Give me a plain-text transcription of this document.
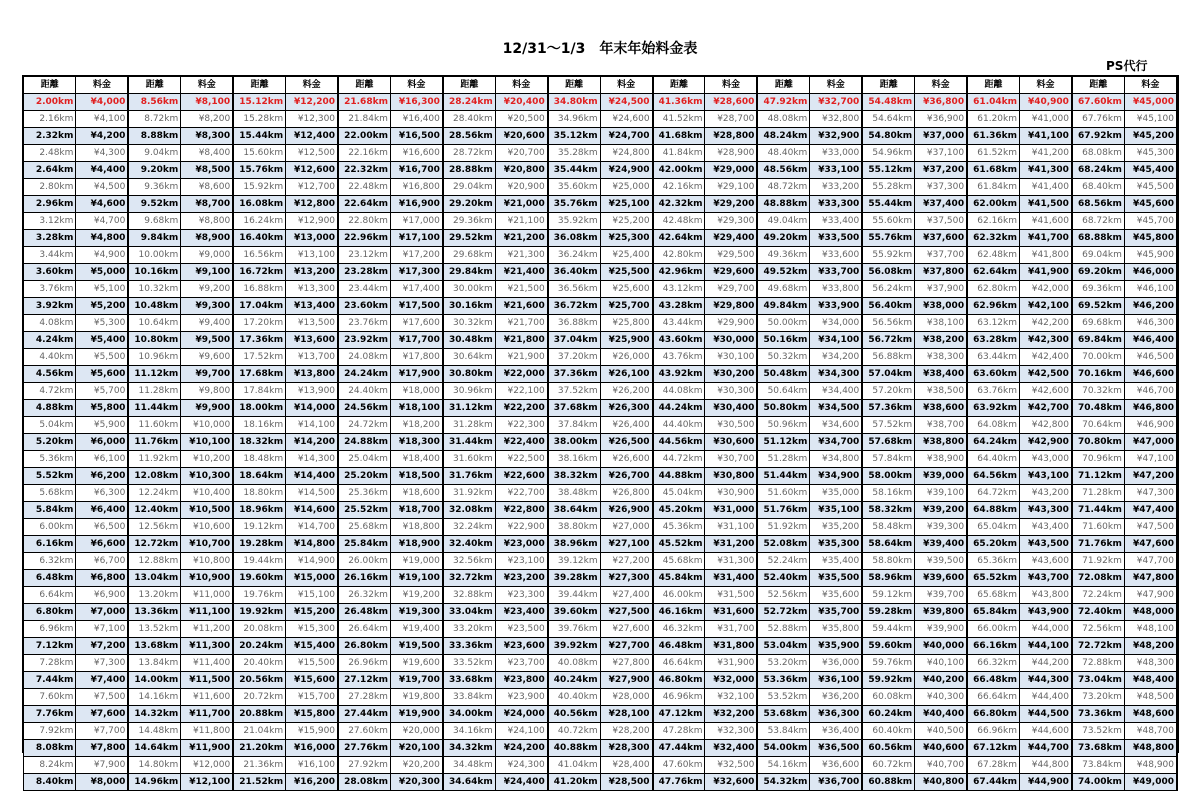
12/31〜1/3　年末年始料金表
PS代行
距離	料金	距離	料金	距離	料金	距離	料金	距離	料金	距離	料金	距離	料金	距離	料金	距離	料金	距離	料金	距離	料金
2.00km	¥4,000	8.56km	¥8,100	15.12km	¥12,200	21.68km	¥16,300	28.24km	¥20,400	34.80km	¥24,500	41.36km	¥28,600	47.92km	¥32,700	54.48km	¥36,800	61.04km	¥40,900	67.60km	¥45,000
2.16km	¥4,100	8.72km	¥8,200	15.28km	¥12,300	21.84km	¥16,400	28.40km	¥20,500	34.96km	¥24,600	41.52km	¥28,700	48.08km	¥32,800	54.64km	¥36,900	61.20km	¥41,000	67.76km	¥45,100
2.32km	¥4,200	8.88km	¥8,300	15.44km	¥12,400	22.00km	¥16,500	28.56km	¥20,600	35.12km	¥24,700	41.68km	¥28,800	48.24km	¥32,900	54.80km	¥37,000	61.36km	¥41,100	67.92km	¥45,200
2.48km	¥4,300	9.04km	¥8,400	15.60km	¥12,500	22.16km	¥16,600	28.72km	¥20,700	35.28km	¥24,800	41.84km	¥28,900	48.40km	¥33,000	54.96km	¥37,100	61.52km	¥41,200	68.08km	¥45,300
2.64km	¥4,400	9.20km	¥8,500	15.76km	¥12,600	22.32km	¥16,700	28.88km	¥20,800	35.44km	¥24,900	42.00km	¥29,000	48.56km	¥33,100	55.12km	¥37,200	61.68km	¥41,300	68.24km	¥45,400
2.80km	¥4,500	9.36km	¥8,600	15.92km	¥12,700	22.48km	¥16,800	29.04km	¥20,900	35.60km	¥25,000	42.16km	¥29,100	48.72km	¥33,200	55.28km	¥37,300	61.84km	¥41,400	68.40km	¥45,500
2.96km	¥4,600	9.52km	¥8,700	16.08km	¥12,800	22.64km	¥16,900	29.20km	¥21,000	35.76km	¥25,100	42.32km	¥29,200	48.88km	¥33,300	55.44km	¥37,400	62.00km	¥41,500	68.56km	¥45,600
3.12km	¥4,700	9.68km	¥8,800	16.24km	¥12,900	22.80km	¥17,000	29.36km	¥21,100	35.92km	¥25,200	42.48km	¥29,300	49.04km	¥33,400	55.60km	¥37,500	62.16km	¥41,600	68.72km	¥45,700
3.28km	¥4,800	9.84km	¥8,900	16.40km	¥13,000	22.96km	¥17,100	29.52km	¥21,200	36.08km	¥25,300	42.64km	¥29,400	49.20km	¥33,500	55.76km	¥37,600	62.32km	¥41,700	68.88km	¥45,800
3.44km	¥4,900	10.00km	¥9,000	16.56km	¥13,100	23.12km	¥17,200	29.68km	¥21,300	36.24km	¥25,400	42.80km	¥29,500	49.36km	¥33,600	55.92km	¥37,700	62.48km	¥41,800	69.04km	¥45,900
3.60km	¥5,000	10.16km	¥9,100	16.72km	¥13,200	23.28km	¥17,300	29.84km	¥21,400	36.40km	¥25,500	42.96km	¥29,600	49.52km	¥33,700	56.08km	¥37,800	62.64km	¥41,900	69.20km	¥46,000
3.76km	¥5,100	10.32km	¥9,200	16.88km	¥13,300	23.44km	¥17,400	30.00km	¥21,500	36.56km	¥25,600	43.12km	¥29,700	49.68km	¥33,800	56.24km	¥37,900	62.80km	¥42,000	69.36km	¥46,100
3.92km	¥5,200	10.48km	¥9,300	17.04km	¥13,400	23.60km	¥17,500	30.16km	¥21,600	36.72km	¥25,700	43.28km	¥29,800	49.84km	¥33,900	56.40km	¥38,000	62.96km	¥42,100	69.52km	¥46,200
4.08km	¥5,300	10.64km	¥9,400	17.20km	¥13,500	23.76km	¥17,600	30.32km	¥21,700	36.88km	¥25,800	43.44km	¥29,900	50.00km	¥34,000	56.56km	¥38,100	63.12km	¥42,200	69.68km	¥46,300
4.24km	¥5,400	10.80km	¥9,500	17.36km	¥13,600	23.92km	¥17,700	30.48km	¥21,800	37.04km	¥25,900	43.60km	¥30,000	50.16km	¥34,100	56.72km	¥38,200	63.28km	¥42,300	69.84km	¥46,400
4.40km	¥5,500	10.96km	¥9,600	17.52km	¥13,700	24.08km	¥17,800	30.64km	¥21,900	37.20km	¥26,000	43.76km	¥30,100	50.32km	¥34,200	56.88km	¥38,300	63.44km	¥42,400	70.00km	¥46,500
4.56km	¥5,600	11.12km	¥9,700	17.68km	¥13,800	24.24km	¥17,900	30.80km	¥22,000	37.36km	¥26,100	43.92km	¥30,200	50.48km	¥34,300	57.04km	¥38,400	63.60km	¥42,500	70.16km	¥46,600
4.72km	¥5,700	11.28km	¥9,800	17.84km	¥13,900	24.40km	¥18,000	30.96km	¥22,100	37.52km	¥26,200	44.08km	¥30,300	50.64km	¥34,400	57.20km	¥38,500	63.76km	¥42,600	70.32km	¥46,700
4.88km	¥5,800	11.44km	¥9,900	18.00km	¥14,000	24.56km	¥18,100	31.12km	¥22,200	37.68km	¥26,300	44.24km	¥30,400	50.80km	¥34,500	57.36km	¥38,600	63.92km	¥42,700	70.48km	¥46,800
5.04km	¥5,900	11.60km	¥10,000	18.16km	¥14,100	24.72km	¥18,200	31.28km	¥22,300	37.84km	¥26,400	44.40km	¥30,500	50.96km	¥34,600	57.52km	¥38,700	64.08km	¥42,800	70.64km	¥46,900
5.20km	¥6,000	11.76km	¥10,100	18.32km	¥14,200	24.88km	¥18,300	31.44km	¥22,400	38.00km	¥26,500	44.56km	¥30,600	51.12km	¥34,700	57.68km	¥38,800	64.24km	¥42,900	70.80km	¥47,000
5.36km	¥6,100	11.92km	¥10,200	18.48km	¥14,300	25.04km	¥18,400	31.60km	¥22,500	38.16km	¥26,600	44.72km	¥30,700	51.28km	¥34,800	57.84km	¥38,900	64.40km	¥43,000	70.96km	¥47,100
5.52km	¥6,200	12.08km	¥10,300	18.64km	¥14,400	25.20km	¥18,500	31.76km	¥22,600	38.32km	¥26,700	44.88km	¥30,800	51.44km	¥34,900	58.00km	¥39,000	64.56km	¥43,100	71.12km	¥47,200
5.68km	¥6,300	12.24km	¥10,400	18.80km	¥14,500	25.36km	¥18,600	31.92km	¥22,700	38.48km	¥26,800	45.04km	¥30,900	51.60km	¥35,000	58.16km	¥39,100	64.72km	¥43,200	71.28km	¥47,300
5.84km	¥6,400	12.40km	¥10,500	18.96km	¥14,600	25.52km	¥18,700	32.08km	¥22,800	38.64km	¥26,900	45.20km	¥31,000	51.76km	¥35,100	58.32km	¥39,200	64.88km	¥43,300	71.44km	¥47,400
6.00km	¥6,500	12.56km	¥10,600	19.12km	¥14,700	25.68km	¥18,800	32.24km	¥22,900	38.80km	¥27,000	45.36km	¥31,100	51.92km	¥35,200	58.48km	¥39,300	65.04km	¥43,400	71.60km	¥47,500
6.16km	¥6,600	12.72km	¥10,700	19.28km	¥14,800	25.84km	¥18,900	32.40km	¥23,000	38.96km	¥27,100	45.52km	¥31,200	52.08km	¥35,300	58.64km	¥39,400	65.20km	¥43,500	71.76km	¥47,600
6.32km	¥6,700	12.88km	¥10,800	19.44km	¥14,900	26.00km	¥19,000	32.56km	¥23,100	39.12km	¥27,200	45.68km	¥31,300	52.24km	¥35,400	58.80km	¥39,500	65.36km	¥43,600	71.92km	¥47,700
6.48km	¥6,800	13.04km	¥10,900	19.60km	¥15,000	26.16km	¥19,100	32.72km	¥23,200	39.28km	¥27,300	45.84km	¥31,400	52.40km	¥35,500	58.96km	¥39,600	65.52km	¥43,700	72.08km	¥47,800
6.64km	¥6,900	13.20km	¥11,000	19.76km	¥15,100	26.32km	¥19,200	32.88km	¥23,300	39.44km	¥27,400	46.00km	¥31,500	52.56km	¥35,600	59.12km	¥39,700	65.68km	¥43,800	72.24km	¥47,900
6.80km	¥7,000	13.36km	¥11,100	19.92km	¥15,200	26.48km	¥19,300	33.04km	¥23,400	39.60km	¥27,500	46.16km	¥31,600	52.72km	¥35,700	59.28km	¥39,800	65.84km	¥43,900	72.40km	¥48,000
6.96km	¥7,100	13.52km	¥11,200	20.08km	¥15,300	26.64km	¥19,400	33.20km	¥23,500	39.76km	¥27,600	46.32km	¥31,700	52.88km	¥35,800	59.44km	¥39,900	66.00km	¥44,000	72.56km	¥48,100
7.12km	¥7,200	13.68km	¥11,300	20.24km	¥15,400	26.80km	¥19,500	33.36km	¥23,600	39.92km	¥27,700	46.48km	¥31,800	53.04km	¥35,900	59.60km	¥40,000	66.16km	¥44,100	72.72km	¥48,200
7.28km	¥7,300	13.84km	¥11,400	20.40km	¥15,500	26.96km	¥19,600	33.52km	¥23,700	40.08km	¥27,800	46.64km	¥31,900	53.20km	¥36,000	59.76km	¥40,100	66.32km	¥44,200	72.88km	¥48,300
7.44km	¥7,400	14.00km	¥11,500	20.56km	¥15,600	27.12km	¥19,700	33.68km	¥23,800	40.24km	¥27,900	46.80km	¥32,000	53.36km	¥36,100	59.92km	¥40,200	66.48km	¥44,300	73.04km	¥48,400
7.60km	¥7,500	14.16km	¥11,600	20.72km	¥15,700	27.28km	¥19,800	33.84km	¥23,900	40.40km	¥28,000	46.96km	¥32,100	53.52km	¥36,200	60.08km	¥40,300	66.64km	¥44,400	73.20km	¥48,500
7.76km	¥7,600	14.32km	¥11,700	20.88km	¥15,800	27.44km	¥19,900	34.00km	¥24,000	40.56km	¥28,100	47.12km	¥32,200	53.68km	¥36,300	60.24km	¥40,400	66.80km	¥44,500	73.36km	¥48,600
7.92km	¥7,700	14.48km	¥11,800	21.04km	¥15,900	27.60km	¥20,000	34.16km	¥24,100	40.72km	¥28,200	47.28km	¥32,300	53.84km	¥36,400	60.40km	¥40,500	66.96km	¥44,600	73.52km	¥48,700
8.08km	¥7,800	14.64km	¥11,900	21.20km	¥16,000	27.76km	¥20,100	34.32km	¥24,200	40.88km	¥28,300	47.44km	¥32,400	54.00km	¥36,500	60.56km	¥40,600	67.12km	¥44,700	73.68km	¥48,800
8.24km	¥7,900	14.80km	¥12,000	21.36km	¥16,100	27.92km	¥20,200	34.48km	¥24,300	41.04km	¥28,400	47.60km	¥32,500	54.16km	¥36,600	60.72km	¥40,700	67.28km	¥44,800	73.84km	¥48,900
8.40km	¥8,000	14.96km	¥12,100	21.52km	¥16,200	28.08km	¥20,300	34.64km	¥24,400	41.20km	¥28,500	47.76km	¥32,600	54.32km	¥36,700	60.88km	¥40,800	67.44km	¥44,900	74.00km	¥49,000
